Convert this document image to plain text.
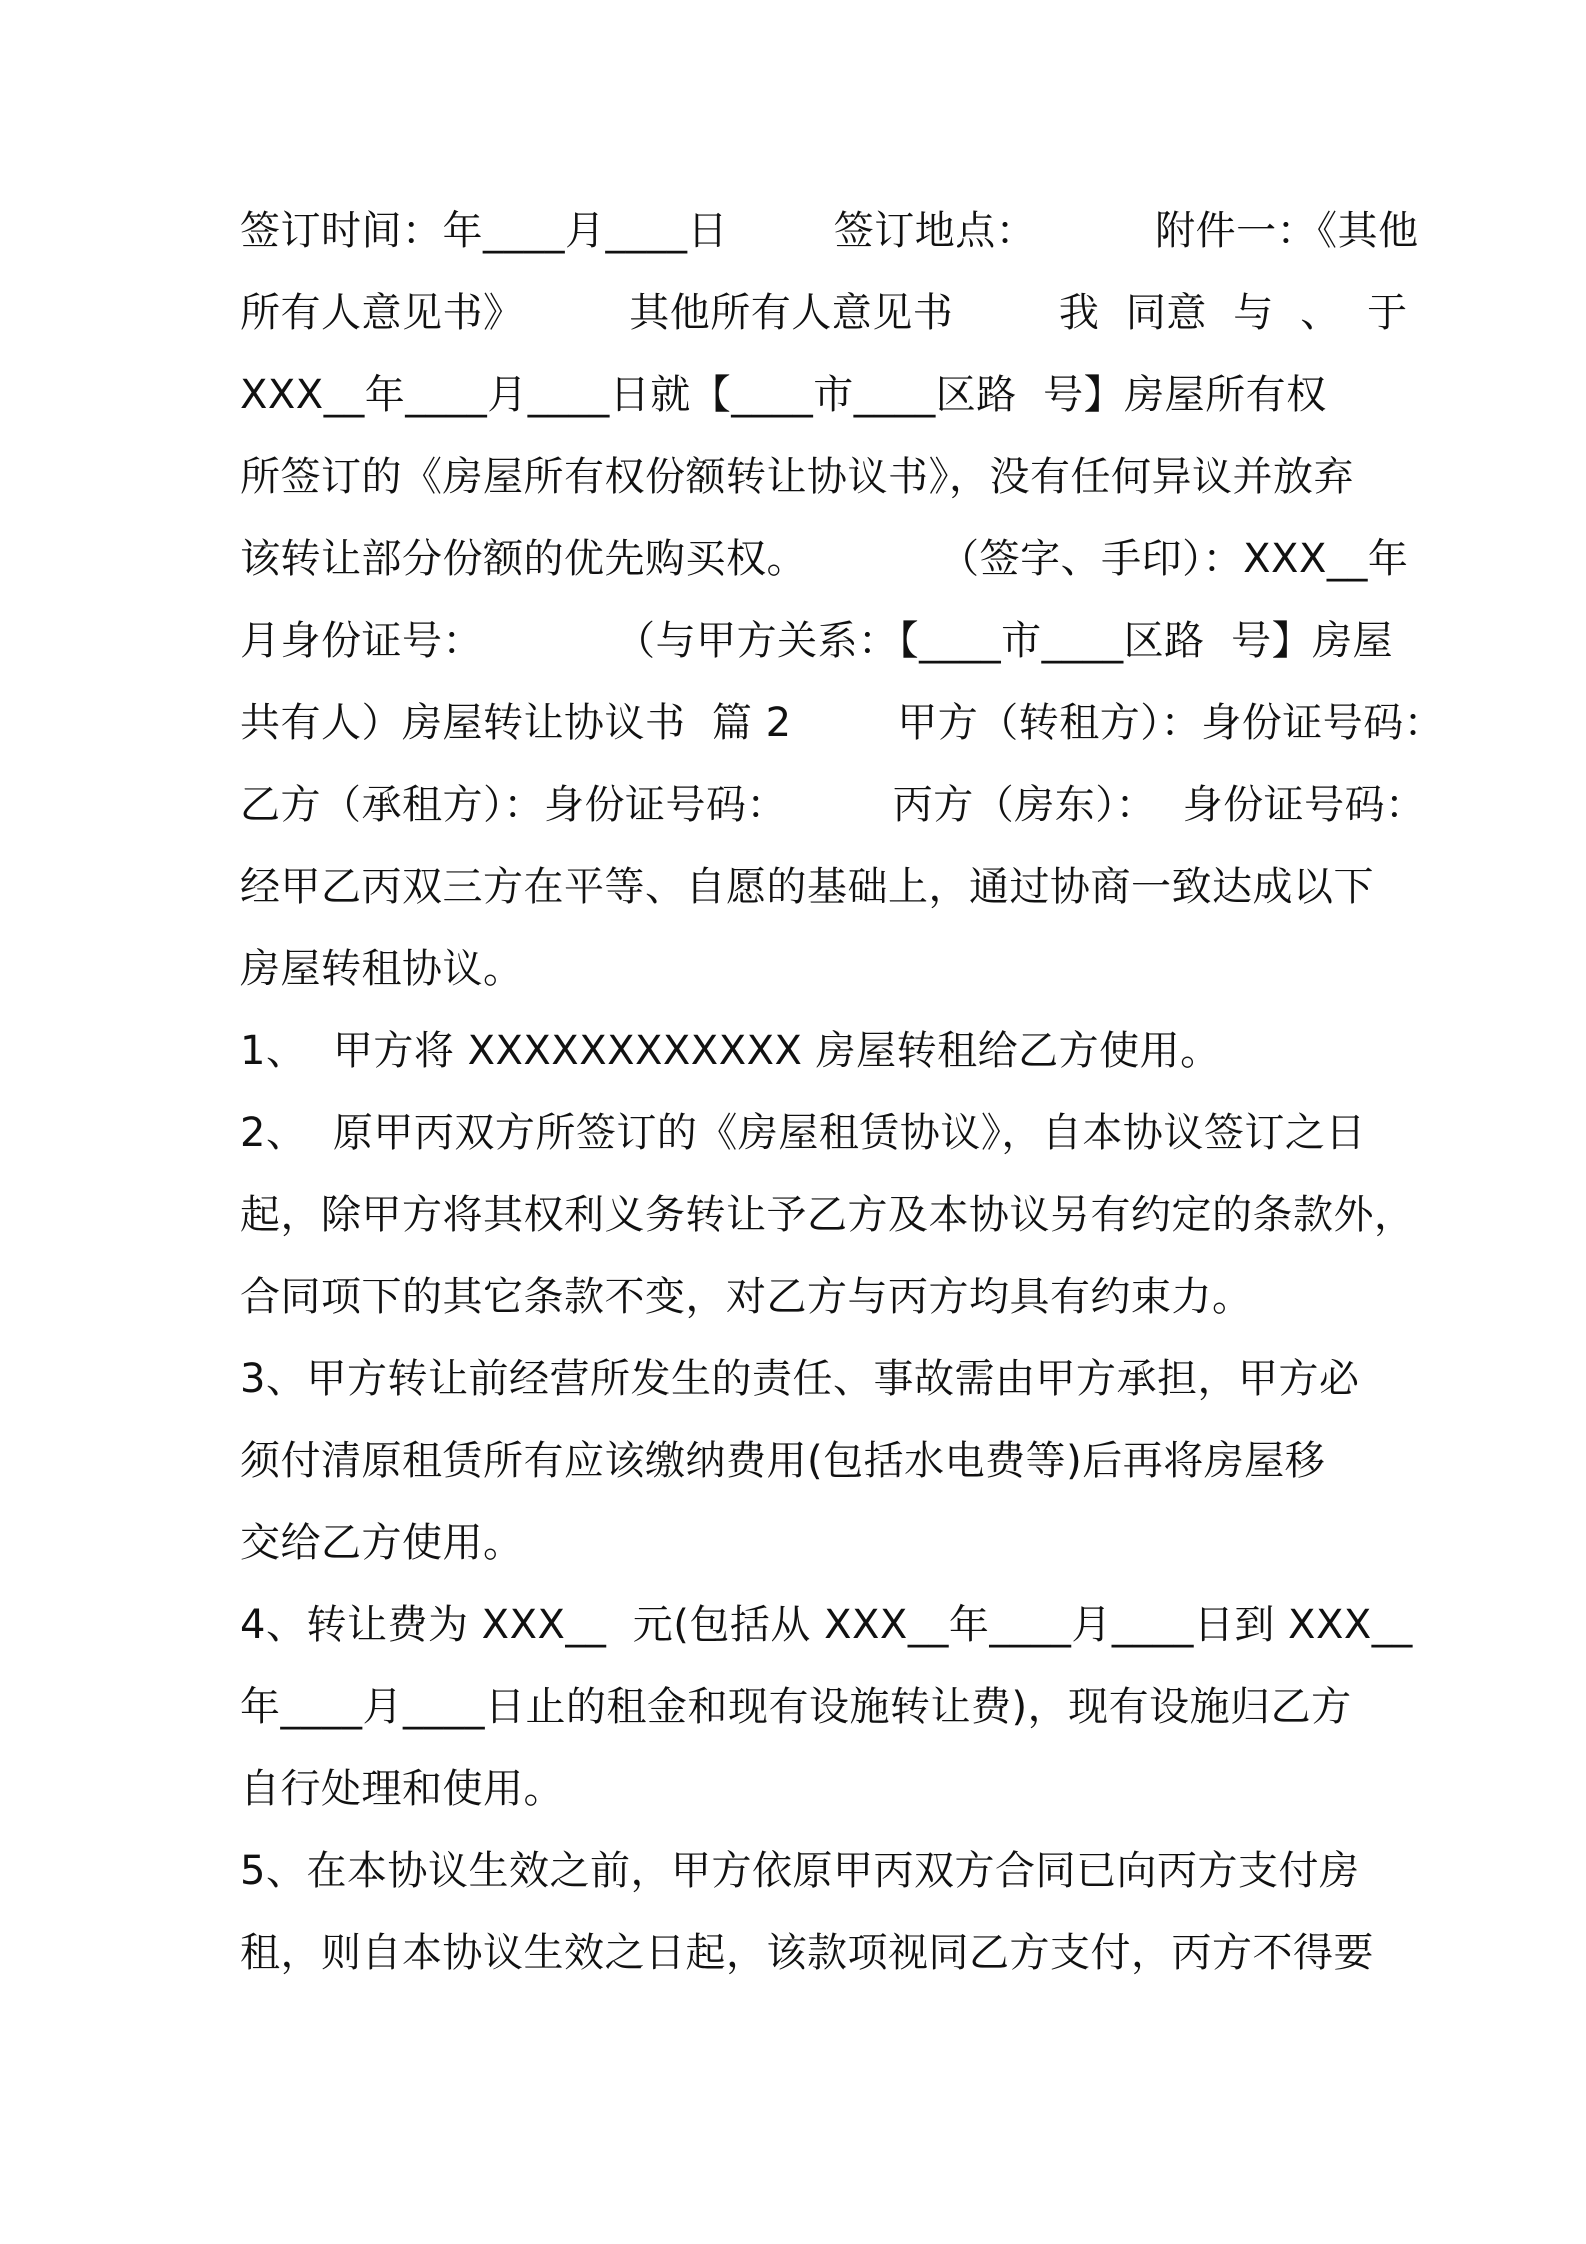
签订时间：年____月____日        签订地点：         附件一：《其他
所有人意见书》        其他所有人意见书        我  同意  与  、  于
XXX__年____月____日就【____市____区路  号】房屋所有权
所签订的《房屋所有权份额转让协议书》，没有任何异议并放弃
该转让部分份额的优先购买权。          （签字、手印）：XXX__年
月身份证号：          （与甲方关系：【____市____区路  号】房屋
共有人）房屋转让协议书  篇 2        甲方（转租方）：身份证号码：
乙方（承租方）：身份证号码：        丙方（房东）：  身份证号码：
经甲乙丙双三方在平等、自愿的基础上，通过协商一致达成以下
房屋转租协议。
1、  甲方将 XXXXXXXXXXXX 房屋转租给乙方使用。
2、  原甲丙双方所签订的《房屋租赁协议》，自本协议签订之日
起，除甲方将其权利义务转让予乙方及本协议另有约定的条款外，
合同项下的其它条款不变，对乙方与丙方均具有约束力。
3、甲方转让前经营所发生的责任、事故需由甲方承担，甲方必
须付清原租赁所有应该缴纳费用(包括水电费等)后再将房屋移
交给乙方使用。
4、转让费为 XXX__  元(包括从 XXX__年____月____日到 XXX__
年____月____日止的租金和现有设施转让费)，现有设施归乙方
自行处理和使用。
5、在本协议生效之前，甲方依原甲丙双方合同已向丙方支付房
租，则自本协议生效之日起，该款项视同乙方支付，丙方不得要
